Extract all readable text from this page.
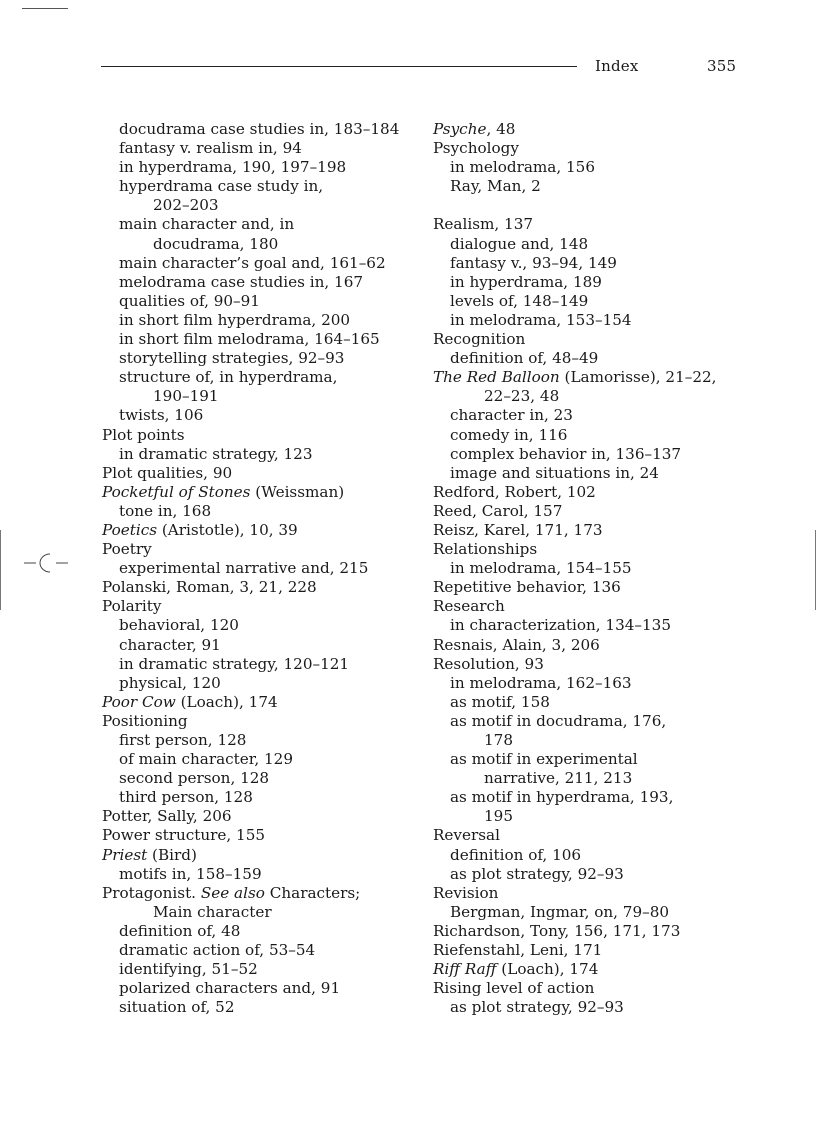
Index	355
docudrama case studies in, 183–184
fantasy v. realism in, 94
in hyperdrama, 190, 197–198
hyperdrama case study in,
202–203
main character and, in
docudrama, 180
main character’s goal and, 161–62
melodrama case studies in, 167
qualities of, 90–91
in short film hyperdrama, 200
in short film melodrama, 164–165
storytelling strategies, 92–93
structure of, in hyperdrama,
190–191
twists, 106
Plot points
in dramatic strategy, 123
Plot qualities, 90
Pocketful of Stones (Weissman)
tone in, 168
Poetics (Aristotle), 10, 39
Poetry
experimental narrative and, 215
Polanski, Roman, 3, 21, 228
Polarity
behavioral, 120
character, 91
in dramatic strategy, 120–121
physical, 120
Poor Cow (Loach), 174
Positioning
first person, 128
of main character, 129
second person, 128
third person, 128
Potter, Sally, 206
Power structure, 155
Priest (Bird)
motifs in, 158–159
Protagonist. See also Characters;
Main character
definition of, 48
dramatic action of, 53–54
identifying, 51–52
polarized characters and, 91
situation of, 52
Psyche, 48
Psychology
in melodrama, 156
Ray, Man, 2
Realism, 137
dialogue and, 148
fantasy v., 93–94, 149
in hyperdrama, 189
levels of, 148–149
in melodrama, 153–154
Recognition
definition of, 48–49
The Red Balloon (Lamorisse), 21–22,
22–23, 48
character in, 23
comedy in, 116
complex behavior in, 136–137
image and situations in, 24
Redford, Robert, 102
Reed, Carol, 157
Reisz, Karel, 171, 173
Relationships
in melodrama, 154–155
Repetitive behavior, 136
Research
in characterization, 134–135
Resnais, Alain, 3, 206
Resolution, 93
in melodrama, 162–163
as motif, 158
as motif in docudrama, 176,
178
as motif in experimental
narrative, 211, 213
as motif in hyperdrama, 193,
195
Reversal
definition of, 106
as plot strategy, 92–93
Revision
Bergman, Ingmar, on, 79–80
Richardson, Tony, 156, 171, 173
Riefenstahl, Leni, 171
Riff Raff (Loach), 174
Rising level of action
as plot strategy, 92–93
